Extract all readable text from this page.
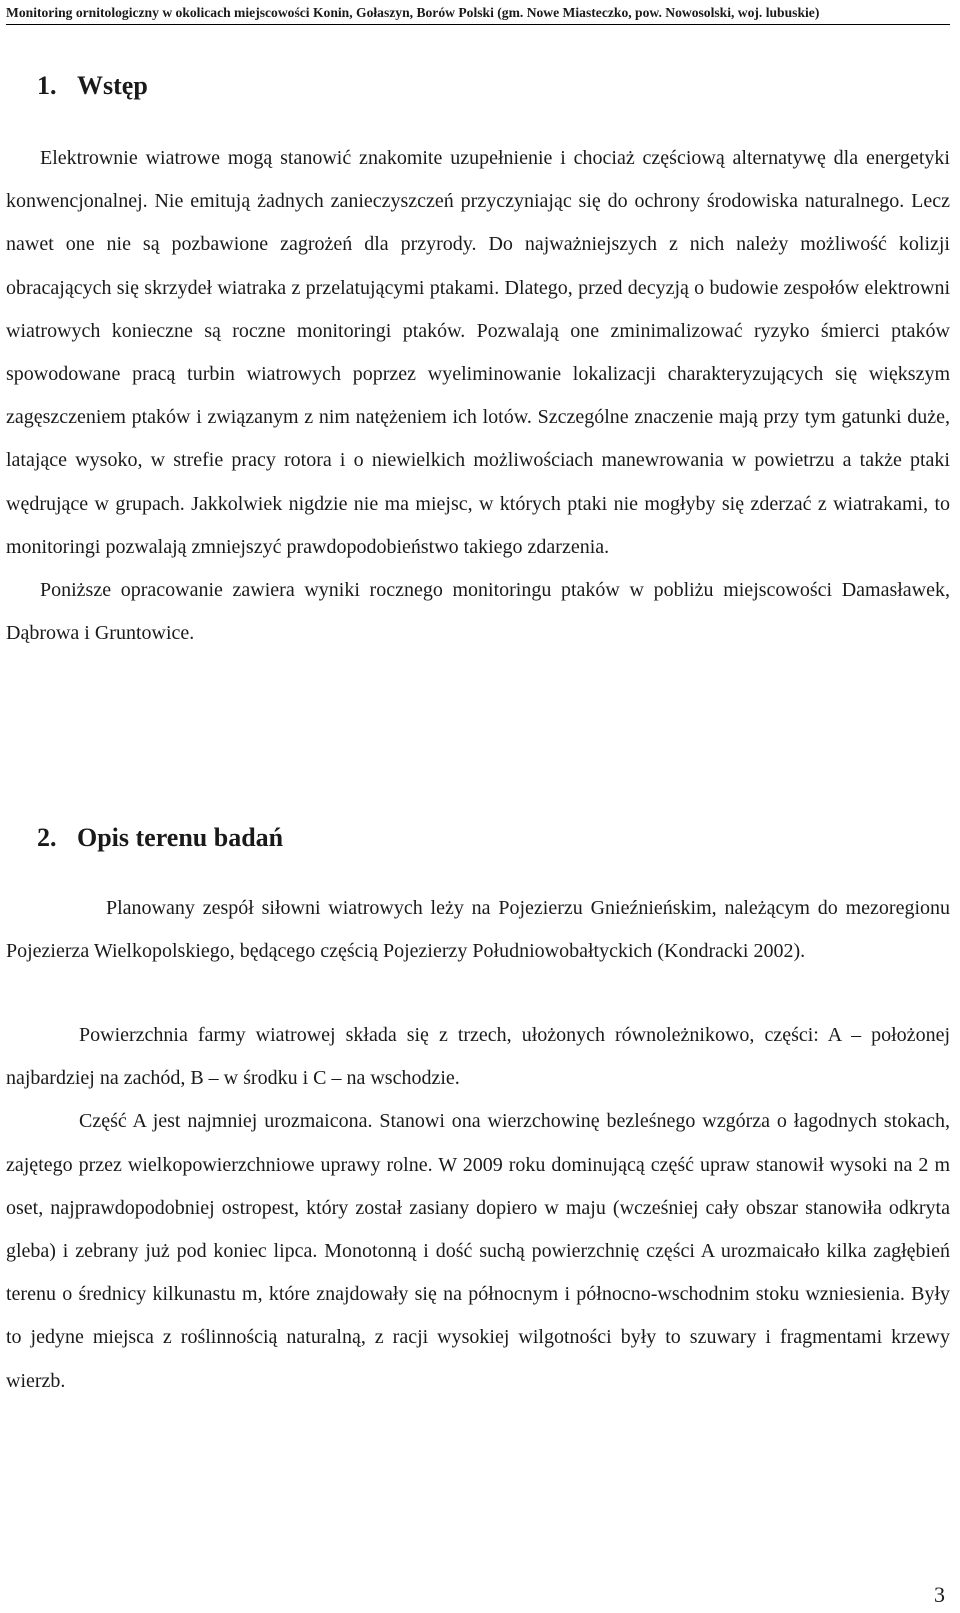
Monitoring ornitologiczny w okolicach miejscowości Konin, Gołaszyn, Borów Polski (gm. Nowe Miasteczko, pow. Nowosolski, woj. lubuskie)
1. Wstęp

Elektrownie wiatrowe mogą stanowić znakomite uzupełnienie i chociaż częściową alternatywę dla energetyki konwencjonalnej. Nie emitują żadnych zanieczyszczeń przyczyniając się do ochrony środowiska naturalnego. Lecz nawet one nie są pozbawione zagrożeń dla przyrody. Do najważniejszych z nich należy możliwość kolizji obracających się skrzydeł wiatraka z przelatującymi ptakami. Dlatego, przed decyzją o budowie zespołów elektrowni wiatrowych konieczne są roczne monitoringi ptaków. Pozwalają one zminimalizować ryzyko śmierci ptaków spowodowane pracą turbin wiatrowych poprzez wyeliminowanie lokalizacji charakteryzujących się większym zagęszczeniem ptaków i związanym z nim natężeniem ich lotów. Szczególne znaczenie mają przy tym gatunki duże, latające wysoko, w strefie pracy rotora i o niewielkich możliwościach manewrowania w powietrzu a także ptaki wędrujące w grupach. Jakkolwiek nigdzie nie ma miejsc, w których ptaki nie mogłyby się zderzać z wiatrakami, to monitoringi pozwalają zmniejszyć prawdopodobieństwo takiego zdarzenia.

Poniższe opracowanie zawiera wyniki rocznego monitoringu ptaków w pobliżu miejscowości Damasławek, Dąbrowa i Gruntowice.

2. Opis terenu badań

Planowany zespół siłowni wiatrowych leży na Pojezierzu Gnieźnieńskim, należącym do mezoregionu Pojezierza Wielkopolskiego, będącego częścią Pojezierzy Południowobałtyckich (Kondracki 2002).

Powierzchnia farmy wiatrowej składa się z trzech, ułożonych równoleżnikowo, części: A – położonej najbardziej na zachód, B – w środku i C – na wschodzie.

Część A jest najmniej urozmaicona. Stanowi ona wierzchowinę bezleśnego wzgórza o łagodnych stokach, zajętego przez wielkopowierzchniowe uprawy rolne. W 2009 roku dominującą część upraw stanowił wysoki na 2 m oset, najprawdopodobniej ostropest, który został zasiany dopiero w maju (wcześniej cały obszar stanowiła odkryta gleba) i zebrany już pod koniec lipca. Monotonną i dość suchą powierzchnię części A urozmaicało kilka zagłębień terenu o średnicy kilkunastu m, które znajdowały się na północnym i północno-wschodnim stoku wzniesienia. Były to jedyne miejsca z roślinnością naturalną, z racji wysokiej wilgotności były to szuwary i fragmentami krzewy wierzb.

3
